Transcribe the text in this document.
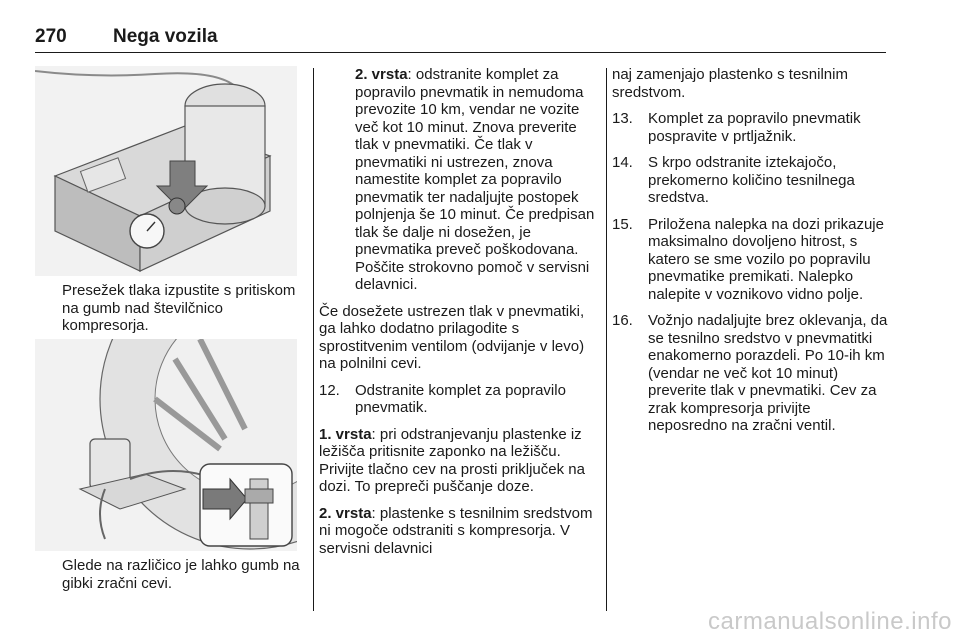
270 Nega vozila
Presežek tlaka izpustite s pritiskom na gumb nad številčnico kompresorja.
Glede na različico je lahko gumb na gibki zračni cevi.

2. vrsta: odstranite komplet za popravilo pnevmatik in nemudoma prevozite 10 km, vendar ne vozite več kot 10 minut. Znova preverite tlak v pnevmatiki. Če tlak v pnevmatiki ni ustrezen, znova namestite komplet za popravilo pnevmatik ter nadaljujte postopek polnjenja še 10 minut. Če predpisan tlak še dalje ni dosežen, je pnevmatika preveč poškodovana. Poščite strokovno pomoč v servisni delavnici.

Če dosežete ustrezen tlak v pnevmatiki, ga lahko dodatno prilagodite s sprostitvenim ventilom (odvijanje v levo) na polnilni cevi.

12. Odstranite komplet za popravilo pnevmatik.

1. vrsta: pri odstranjevanju plastenke iz ležišča pritisnite zaponko na ležišču. Privijte tlačno cev na prosti priključek na dozi. To prepreči puščanje doze.

2. vrsta: plastenke s tesnilnim sredstvom ni mogoče odstraniti s kompresorja. V servisni delavnici

naj zamenjajo plastenko s tesnilnim sredstvom.

13. Komplet za popravilo pnevmatik pospravite v prtljažnik.
14. S krpo odstranite iztekajočo, prekomerno količino tesnilnega sredstva.
15. Priložena nalepka na dozi prikazuje maksimalno dovoljeno hitrost, s katero se sme vozilo po popravilu pnevmatike premikati. Nalepko nalepite v voznikovo vidno polje.
16. Vožnjo nadaljujte brez oklevanja, da se tesnilno sredstvo v pnevmatitki enakomerno porazdeli. Po 10-ih km (vendar ne več kot 10 minut) preverite tlak v pnevmatiki. Cev za zrak kompresorja privijte neposredno na zračni ventil.
carmanualsonline.info
